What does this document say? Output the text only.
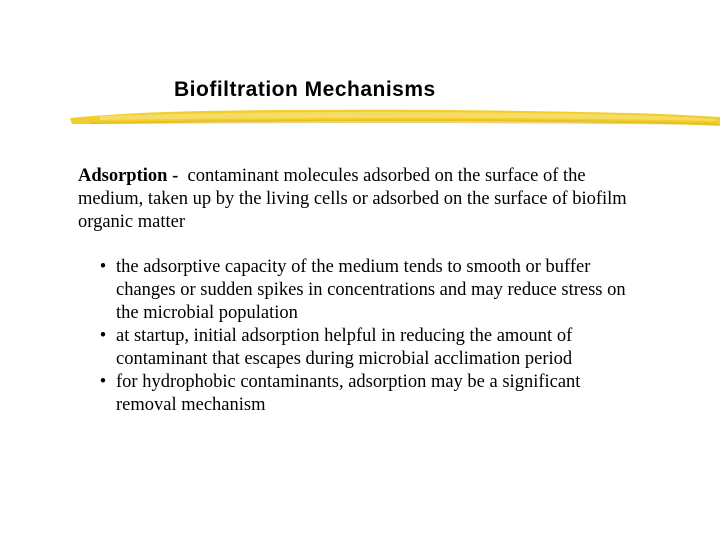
Biofiltration Mechanisms
Adsorption - contaminant molecules adsorbed on the surface of the medium, taken up by the living cells or adsorbed on the surface of biofilm organic matter
• the adsorptive capacity of the medium tends to smooth or buffer changes or sudden spikes in concentrations and may reduce stress on the microbial population
• at startup, initial adsorption helpful in reducing the amount of contaminant that escapes during microbial acclimation period
• for hydrophobic contaminants, adsorption may be a significant removal mechanism
